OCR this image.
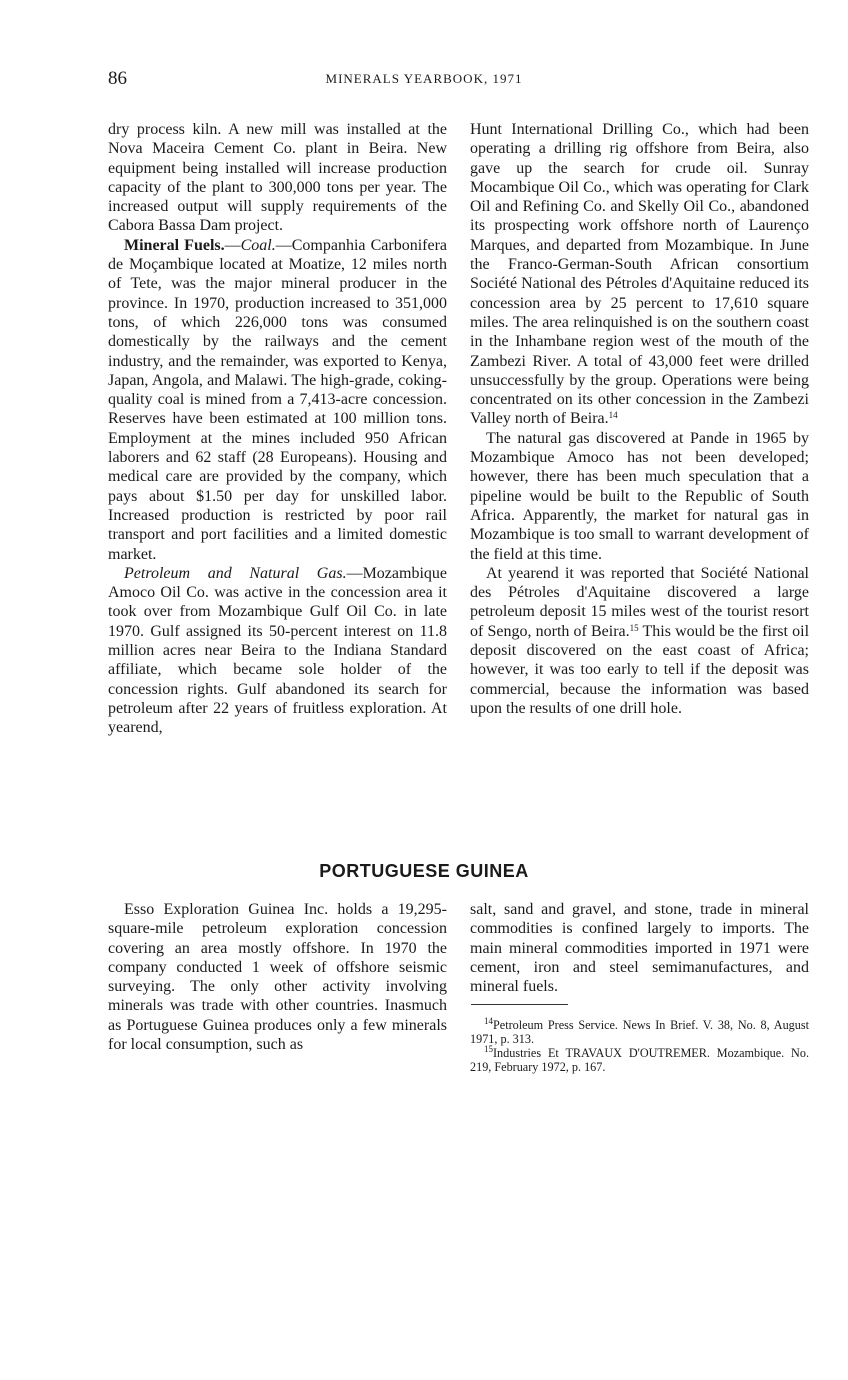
86	MINERALS YEARBOOK, 1971

dry process kiln. A new mill was installed at the Nova Maceira Cement Co. plant in Beira. New equipment being installed will increase production capacity of the plant to 300,000 tons per year. The increased output will supply requirements of the Cabora Bassa Dam project.

Mineral Fuels.—Coal.—Companhia Carbonifera de Moçambique located at Moatize, 12 miles north of Tete, was the major mineral producer in the province. In 1970, production increased to 351,000 tons, of which 226,000 tons was consumed domestically by the railways and the cement industry, and the remainder, was exported to Kenya, Japan, Angola, and Malawi. The high-grade, coking-quality coal is mined from a 7,413-acre concession. Reserves have been estimated at 100 million tons. Employment at the mines included 950 African laborers and 62 staff (28 Europeans). Housing and medical care are provided by the company, which pays about $1.50 per day for unskilled labor. Increased production is restricted by poor rail transport and port facilities and a limited domestic market.

Petroleum and Natural Gas.—Mozambique Amoco Oil Co. was active in the concession area it took over from Mozambique Gulf Oil Co. in late 1970. Gulf assigned its 50-percent interest on 11.8 million acres near Beira to the Indiana Standard affiliate, which became sole holder of the concession rights. Gulf abandoned its search for petroleum after 22 years of fruitless exploration. At yearend,

Hunt International Drilling Co., which had been operating a drilling rig offshore from Beira, also gave up the search for crude oil. Sunray Mocambique Oil Co., which was operating for Clark Oil and Refining Co. and Skelly Oil Co., abandoned its prospecting work offshore north of Laurenço Marques, and departed from Mozambique. In June the Franco-German-South African consortium Société National des Pétroles d'Aquitaine reduced its concession area by 25 percent to 17,610 square miles. The area relinquished is on the southern coast in the Inhambane region west of the mouth of the Zambezi River. A total of 43,000 feet were drilled unsuccessfully by the group. Operations were being concentrated on its other concession in the Zambezi Valley north of Beira.$^{14}$

The natural gas discovered at Pande in 1965 by Mozambique Amoco has not been developed; however, there has been much speculation that a pipeline would be built to the Republic of South Africa. Apparently, the market for natural gas in Mozambique is too small to warrant development of the field at this time.

At yearend it was reported that Société National des Pétroles d'Aquitaine discovered a large petroleum deposit 15 miles west of the tourist resort of Sengo, north of Beira.$^{15}$ This would be the first oil deposit discovered on the east coast of Africa; however, it was too early to tell if the deposit was commercial, because the information was based upon the results of one drill hole.

PORTUGUESE GUINEA

Esso Exploration Guinea Inc. holds a 19,295-square-mile petroleum exploration concession covering an area mostly offshore. In 1970 the company conducted 1 week of offshore seismic surveying. The only other activity involving minerals was trade with other countries. Inasmuch as Portuguese Guinea produces only a few minerals for local consumption, such as

salt, sand and gravel, and stone, trade in mineral commodities is confined largely to imports. The main mineral commodities imported in 1971 were cement, iron and steel semimanufactures, and mineral fuels.

$^{14}$Petroleum Press Service. News In Brief. V. 38, No. 8, August 1971, p. 313.

$^{15}$Industries Et TRAVAUX D'OUTREMER. Mozambique. No. 219, February 1972, p. 167.
